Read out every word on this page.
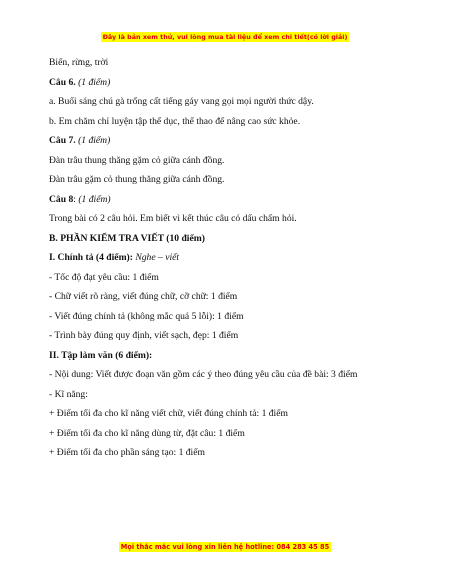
Đây là bản xem thử, vui lòng mua tài liệu để xem chi tiết(có lời giải)
Biển, rừng, trời
Câu 6. (1 điểm)
a. Buổi sáng chú gà trống cất tiếng gáy vang gọi mọi người thức dậy.
b. Em chăm chỉ luyện tập thể dục, thể thao để nâng cao sức khỏe.
Câu 7. (1 điểm)
Đàn trâu thung thăng gặm cỏ giữa cánh đồng.
Đàn trâu gặm cỏ thung thăng giữa cánh đồng.
Câu 8: (1 điểm)
Trong bài có 2 câu hỏi. Em biết vì kết thúc câu có dấu chấm hỏi.
B. PHẦN KIỂM TRA VIẾT (10 điểm)
I. Chính tả (4 điểm): Nghe – viết
- Tốc độ đạt yêu cầu: 1 điểm
- Chữ viết rõ ràng, viết đúng chữ, cỡ chữ: 1 điểm
- Viết đúng chính tả (không mắc quá 5 lỗi): 1 điểm
- Trình bày đúng quy định, viết sạch, đẹp: 1 điểm
II. Tập làm văn (6 điểm):
- Nội dung: Viết được đoạn văn gồm các ý theo đúng yêu cầu của đề bài: 3 điểm
- Kĩ năng:
+ Điểm tối đa cho kĩ năng viết chữ, viết đúng chính tả: 1 điểm
+ Điểm tối đa cho kĩ năng dùng từ, đặt câu: 1 điểm
+ Điểm tối đa cho phần sáng tạo: 1 điểm
Mọi thắc mắc vui lòng xin liên hệ hotline: 084 283 45 85
